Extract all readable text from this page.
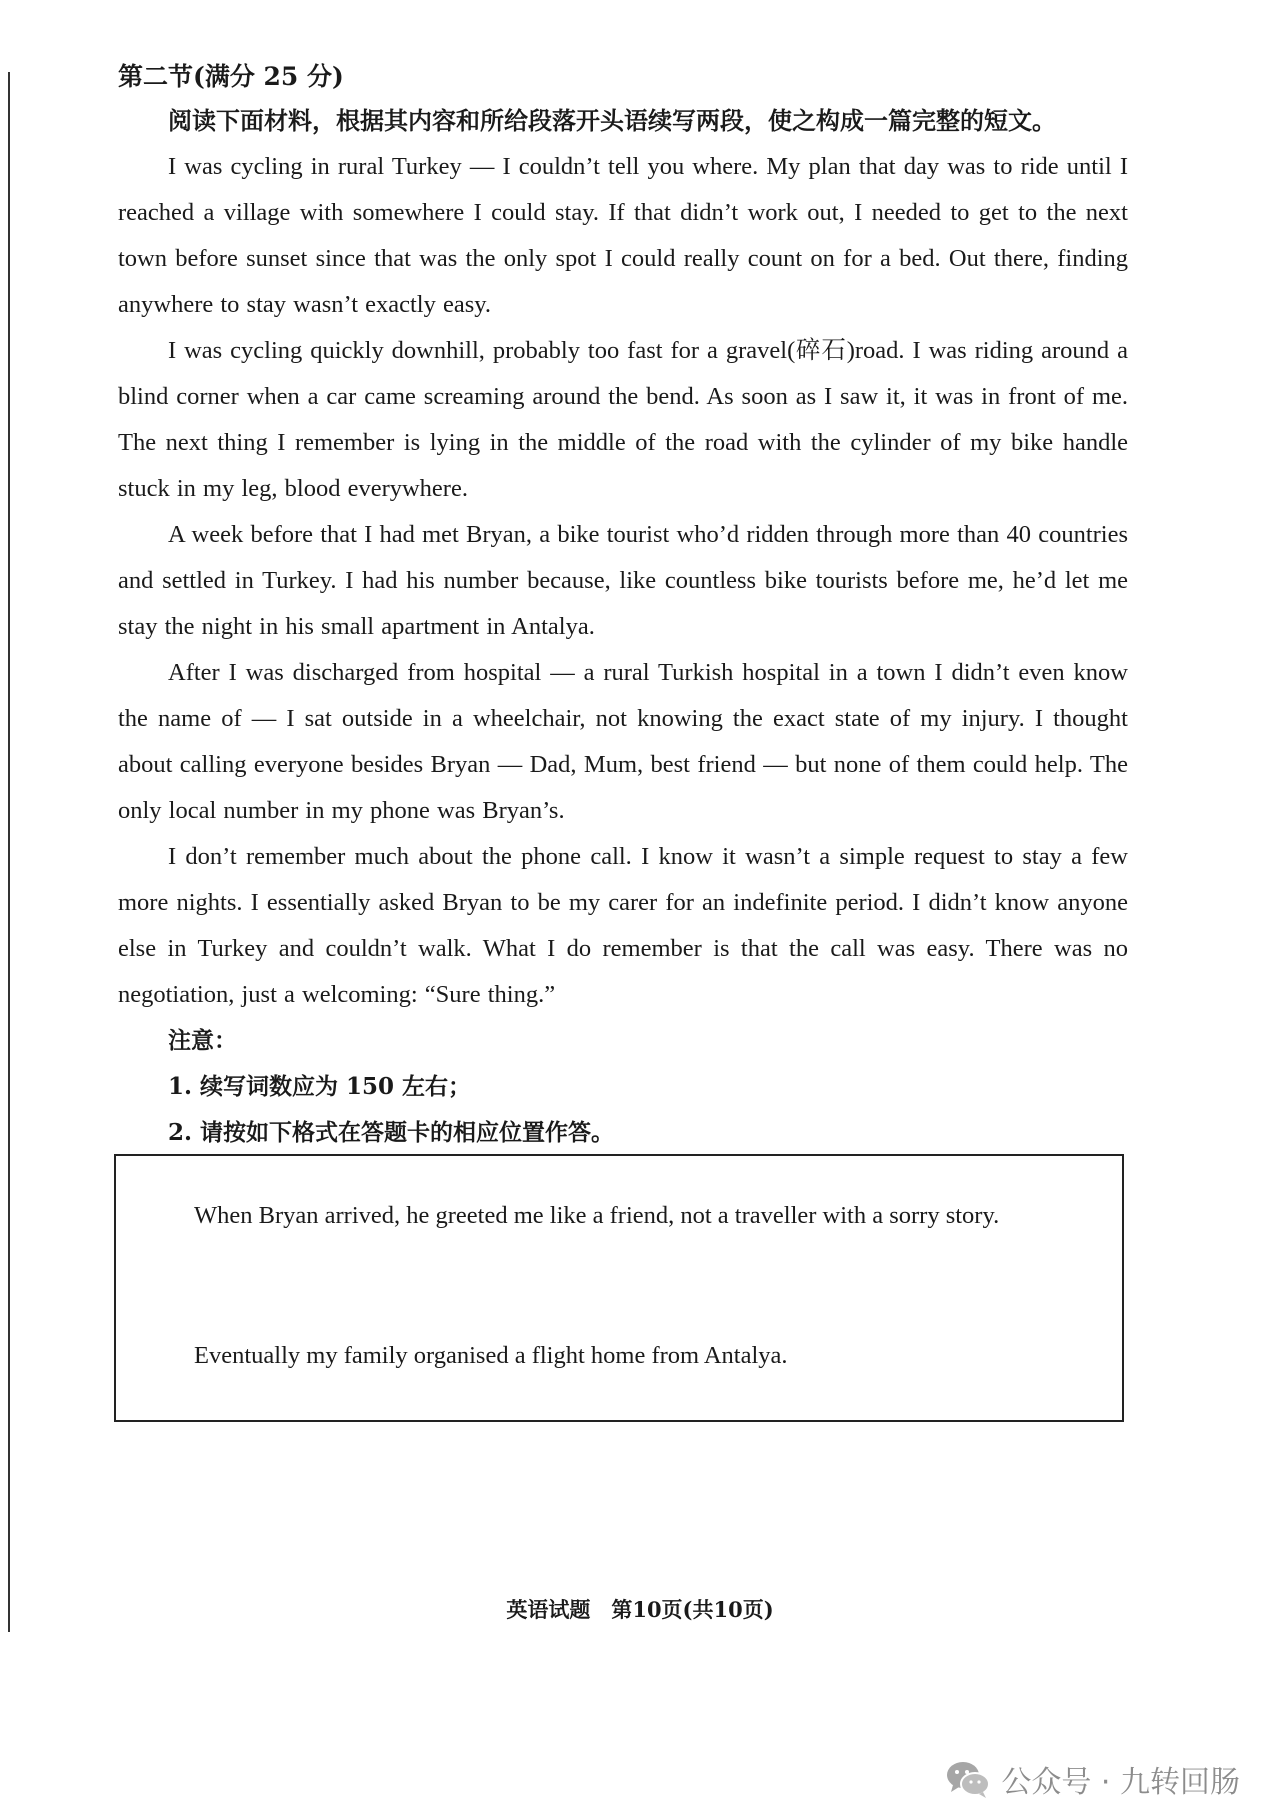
第二节(满分 25 分)

阅读下面材料，根据其内容和所给段落开头语续写两段，使之构成一篇完整的短文。

I was cycling in rural Turkey — I couldn’t tell you where. My plan that day was to ride until I reached a village with somewhere I could stay. If that didn’t work out, I needed to get to the next town before sunset since that was the only spot I could really count on for a bed. Out there, finding anywhere to stay wasn’t exactly easy.

I was cycling quickly downhill, probably too fast for a gravel(碎石)road. I was riding around a blind corner when a car came screaming around the bend. As soon as I saw it, it was in front of me. The next thing I remember is lying in the middle of the road with the cylinder of my bike handle stuck in my leg, blood everywhere.

A week before that I had met Bryan, a bike tourist who’d ridden through more than 40 countries and settled in Turkey. I had his number because, like countless bike tourists before me, he’d let me stay the night in his small apartment in Antalya.

After I was discharged from hospital — a rural Turkish hospital in a town I didn’t even know the name of — I sat outside in a wheelchair, not knowing the exact state of my injury. I thought about calling everyone besides Bryan — Dad, Mum, best friend — but none of them could help. The only local number in my phone was Bryan’s.

I don’t remember much about the phone call. I know it wasn’t a simple request to stay a few more nights. I essentially asked Bryan to be my carer for an indefinite period. I didn’t know anyone else in Turkey and couldn’t walk. What I do remember is that the call was easy. There was no negotiation, just a welcoming: “Sure thing.”

注意：

1. 续写词数应为 150 左右；

2. 请按如下格式在答题卡的相应位置作答。

When Bryan arrived, he greeted me like a friend, not a traveller with a sorry story.

Eventually my family organised a flight home from Antalya.

英语试题　第10页(共10页)

公众号 · 九转回肠
